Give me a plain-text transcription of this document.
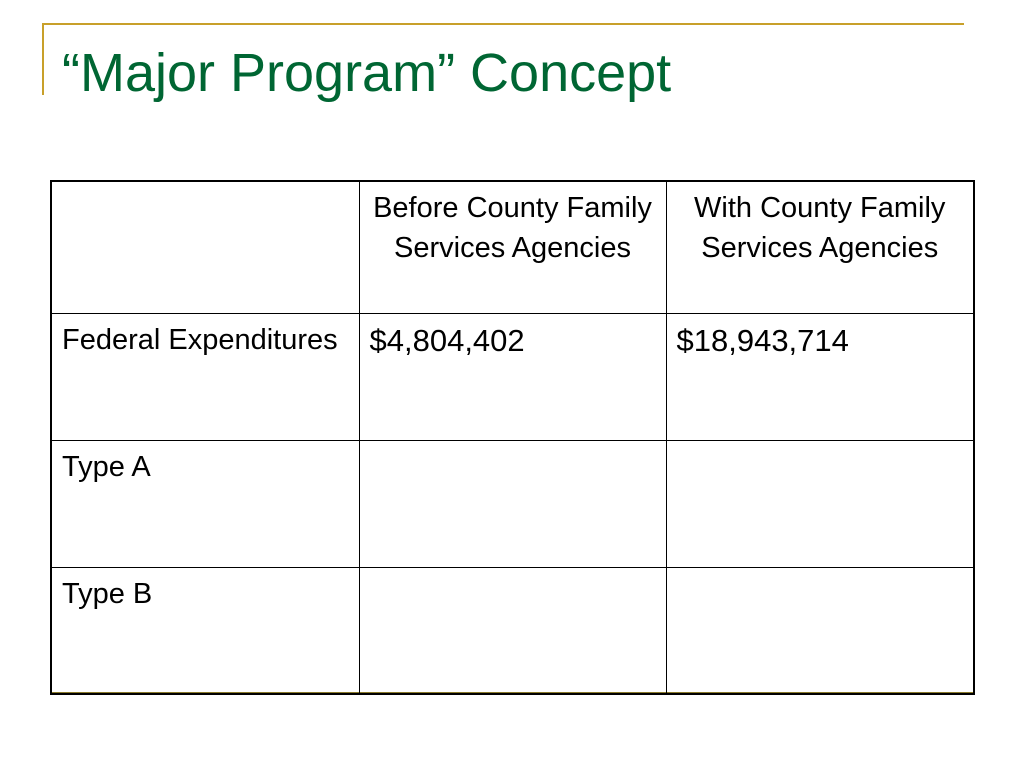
“Major Program” Concept
	Before County Family Services Agencies	With County Family Services Agencies
Federal Expenditures	$4,804,402	$18,943,714
Type A		
Type B		
